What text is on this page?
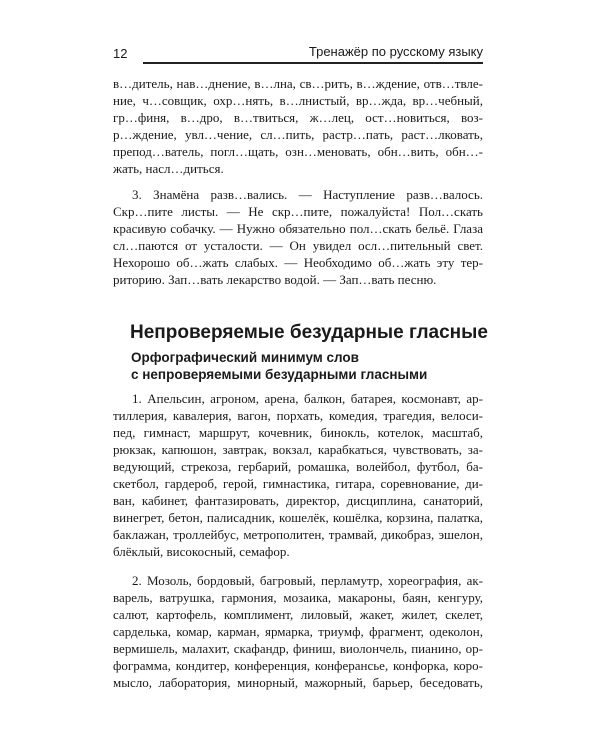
12	Тренажёр по русскому языку
в…дитель, нав…днение, в…лна, св…рить, в…ждение, отв…твле-
ние, ч…совщик, охр…нять, в…лнистый, вр…жда, вр…чебный,
гр…финя, в…дро, в…твиться, ж…лец, ост…новиться, воз-
р…ждение, увл…чение, сл…пить, растр…пать, раст…лковать,
препод…ватель, погл…щать, озн…меновать, обн…вить, обн…-
жать, насл…диться.
3. Знамёна разв…вались. — Наступление разв…валось.
Скр…пите листы. — Не скр…пите, пожалуйста! Пол…скать
красивую собачку. — Нужно обязательно пол…скать бельё. Глаза
сл…паются от усталости. — Он увидел осл…пительный свет.
Нехорошо об…жать слабых. — Необходимо об…жать эту тер-
риторию. Зап…вать лекарство водой. — Зап…вать песню.
Непроверяемые безударные гласные
Орфографический минимум слов
с непроверяемыми безударными гласными
1. Апельсин, агроном, арена, балкон, батарея, космонавт, ар-
тиллерия, кавалерия, вагон, порхать, комедия, трагедия, велоси-
пед, гимнаст, маршрут, кочевник, бинокль, котелок, масштаб,
рюкзак, капюшон, завтрак, вокзал, карабкаться, чувствовать, за-
ведующий, стрекоза, гербарий, ромашка, волейбол, футбол, ба-
скетбол, гардероб, герой, гимнастика, гитара, соревнование, ди-
ван, кабинет, фантазировать, директор, дисциплина, санаторий,
винегрет, бетон, палисадник, кошелёк, кошёлка, корзина, палатка,
баклажан, троллейбус, метрополитен, трамвай, дикобраз, эшелон,
блёклый, високосный, семафор.
2. Мозоль, бордовый, багровый, перламутр, хореография, ак-
варель, ватрушка, гармония, мозаика, макароны, баян, кенгуру,
салют, картофель, комплимент, лиловый, жакет, жилет, скелет,
сарделька, комар, карман, ярмарка, триумф, фрагмент, одеколон,
вермишель, малахит, скафандр, финиш, виолончель, пианино, ор-
фограмма, кондитер, конференция, конферансье, конфорка, коро-
мысло, лаборатория, минорный, мажорный, барьер, беседовать,
